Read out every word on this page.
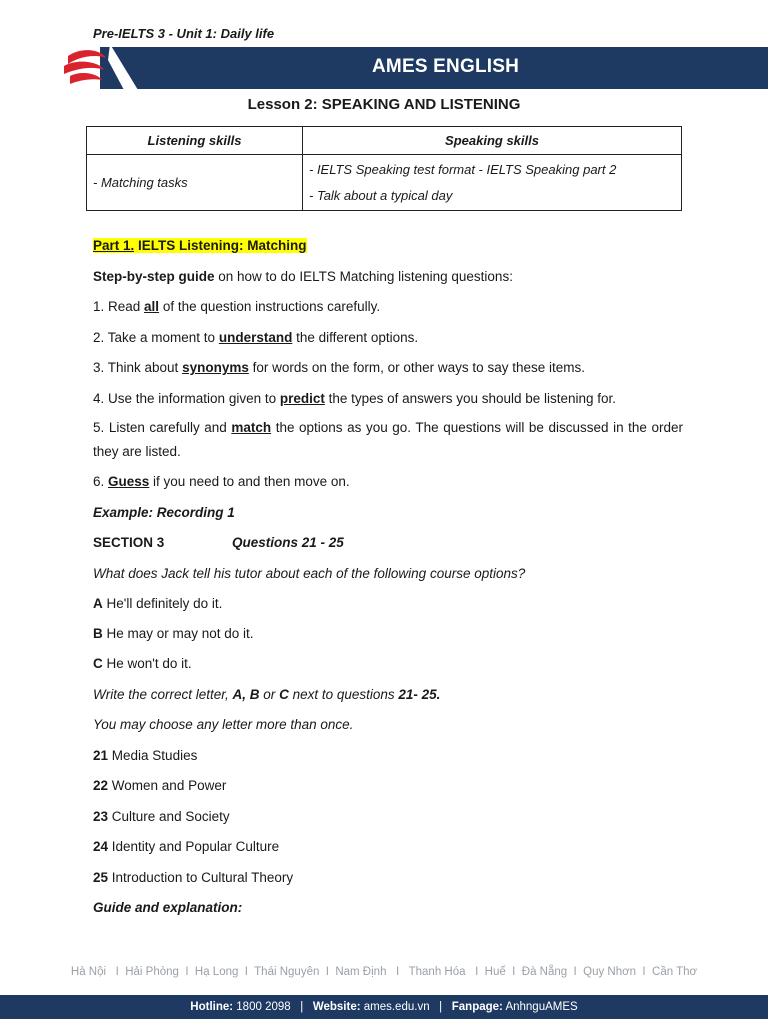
Pre-IELTS 3 - Unit 1: Daily life
AMES ENGLISH
Lesson 2: SPEAKING AND LISTENING
Listening skills	Speaking skills
- Matching tasks	- IELTS Speaking test format - IELTS Speaking part 2
- Talk about a typical day
Part 1. IELTS Listening: Matching
Step-by-step guide on how to do IELTS Matching listening questions:
1. Read all of the question instructions carefully.
2. Take a moment to understand the different options.
3. Think about synonyms for words on the form, or other ways to say these items.
4. Use the information given to predict the types of answers you should be listening for.
5. Listen carefully and match the options as you go. The questions will be discussed in the order they are listed.
6. Guess if you need to and then move on.
Example: Recording 1
SECTION 3	Questions 21 - 25
What does Jack tell his tutor about each of the following course options?
A He'll definitely do it.
B He may or may not do it.
C He won't do it.
Write the correct letter, A, B or C next to questions 21- 25.
You may choose any letter more than once.
21 Media Studies
22 Women and Power
23 Culture and Society
24 Identity and Popular Culture
25 Introduction to Cultural Theory
Guide and explanation:
Hà Nội   I  Hải Phòng  I  Hạ Long  I  Thái Nguyên  I  Nam Định   I   Thanh Hóa   I  Huế  I  Đà Nẵng  I  Quy Nhơn  I  Cần Thơ
Hotline: 1800 2098   |   Website: ames.edu.vn   |   Fanpage: AnhnguAMES
